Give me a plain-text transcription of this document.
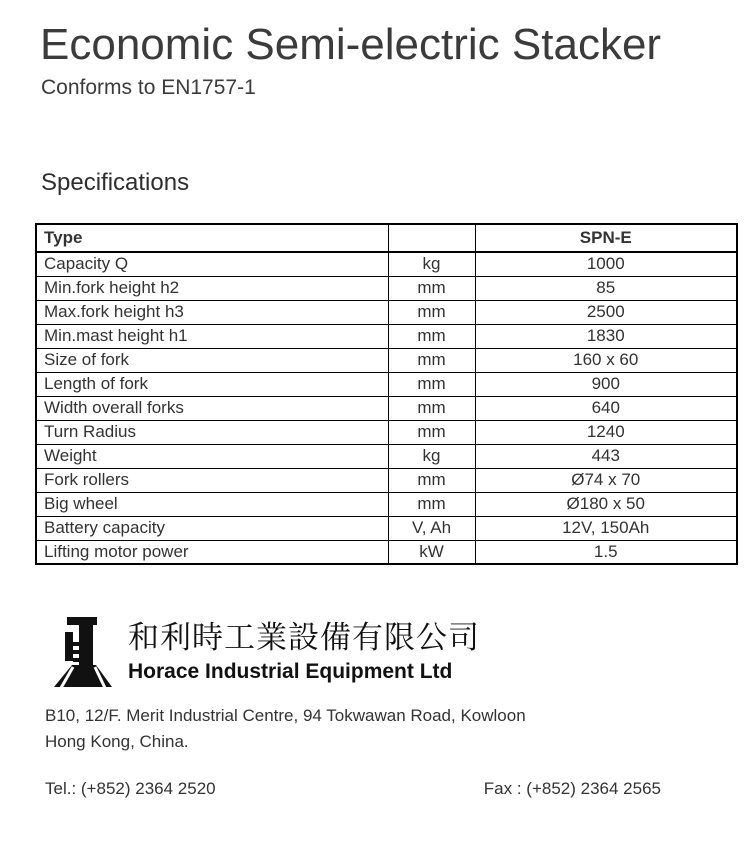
Economic Semi-electric Stacker
Conforms to EN1757-1
Specifications
Type		SPN-E
Capacity Q	kg	1000
Min.fork height h2	mm	85
Max.fork height h3	mm	2500
Min.mast height h1	mm	1830
Size of fork	mm	160 x 60
Length of fork	mm	900
Width overall forks	mm	640
Turn Radius	mm	1240
Weight	kg	443
Fork rollers	mm	Ø74 x 70
Big wheel	mm	Ø180 x 50
Battery capacity	V, Ah	12V, 150Ah
Lifting motor power	kW	1.5
和利時工業設備有限公司
Horace Industrial Equipment Ltd
B10, 12/F. Merit Industrial Centre, 94 Tokwawan Road, Kowloon
Hong Kong, China.
Tel.: (+852) 2364 2520	Fax : (+852) 2364 2565
